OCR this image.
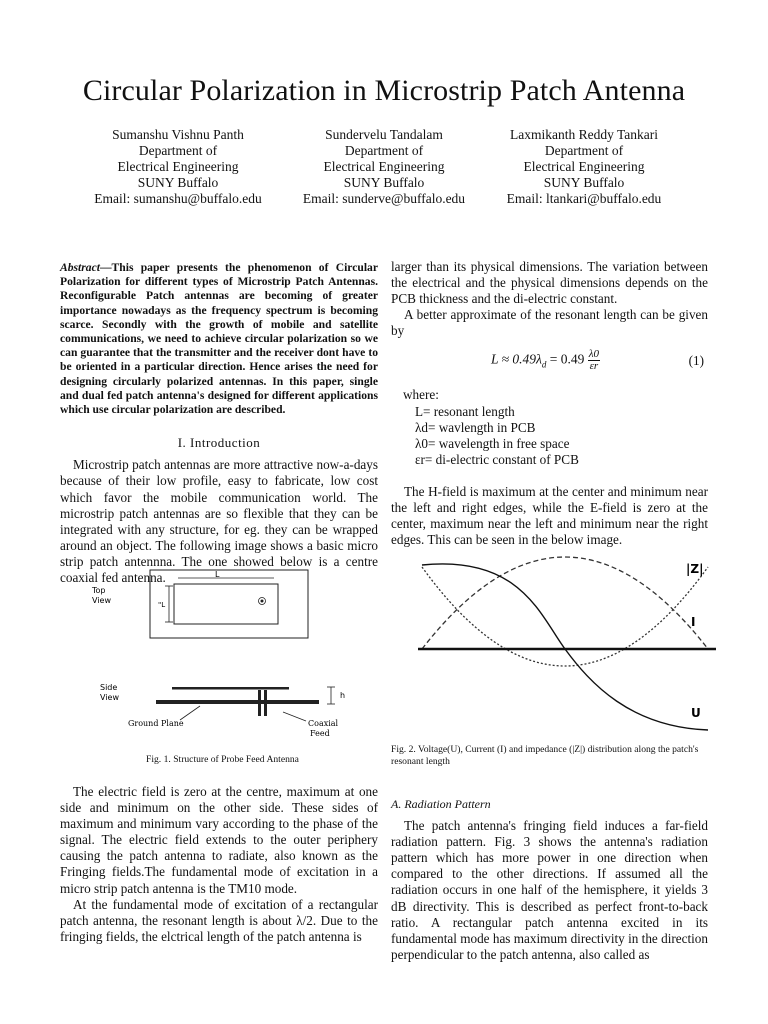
Circular Polarization in Microstrip Patch Antenna
Sumanshu Vishnu Panth
Department of
Electrical Engineering
SUNY Buffalo
Email: sumanshu@buffalo.edu
Sundervelu Tandalam
Department of
Electrical Engineering
SUNY Buffalo
Email: sunderve@buffalo.edu
Laxmikanth Reddy Tankari
Department of
Electrical Engineering
SUNY Buffalo
Email: ltankari@buffalo.edu
Abstract—This paper presents the phenomenon of Circular Polarization for different types of Microstrip Patch Antennas. Reconfigurable Patch antennas are becoming of greater importance nowadays as the frequency spectrum is becoming scarce. Secondly with the growth of mobile and satellite communications, we need to achieve circular polarization so we can guarantee that the transmitter and the receiver dont have to be oriented in a particular direction. Hence arises the need for designing circularly polarized antennas. In this paper, single and dual fed patch antenna's designed for different applications which use circular polarization are described.
I. Introduction

Microstrip patch antennas are more attractive now-a-days because of their low profile, easy to fabricate, low cost which favor the mobile communication world. The microstrip patch antennas are so flexible that they can be integrated with any structure, for eg. they can be wrapped around an object. The following image shows a basic micro strip patch antennna. The one showed below is a centre coaxial fed antenna.

Top
View
L
"L
Side
View	h
Ground Plane	Coaxial
Feed
Fig. 1. Structure of Probe Feed Antenna

The electric field is zero at the centre, maximum at one side and minimum on the other side. These sides of maximum and minimum vary according to the phase of the signal. The electric field extends to the outer periphery causing the patch antenna to radiate, also known as the Fringing fields.The fundamental mode of excitation in a micro strip patch antenna is the TM10 mode.

At the fundamental mode of excitation of a rectangular patch antenna, the resonant length is about λ/2. Due to the fringing fields, the elctrical length of the patch antenna is

larger than its physical dimensions. The variation between the electrical and the physical dimensions depends on the PCB thickness and the di-electric constant.

A better approximate of the resonant length can be given by

$L \approx 0.49\lambda_d = 0.49 \frac{\lambda 0}{\varepsilon r}$	(1)
where:
L= resonant length
λd= wavlength in PCB
λ0= wavelength in free space
εr= di-electric constant of PCB

The H-field is maximum at the center and minimum near the left and right edges, while the E-field is zero at the center, maximum near the left and minimum near the right edges. This can be seen in the below image.

|Z|
I
U
Fig. 2. Voltage(U), Current (I) and impedance (|Z|) distribution along the patch's resonant length
A. Radiation Pattern

The patch antenna's fringing field induces a far-field radiation pattern. Fig. 3 shows the antenna's radiation pattern which has more power in one direction when compared to the other directions. If assumed all the radiation occurs in one half of the hemisphere, it yields 3 dB directivity. This is described as perfect front-to-back ratio. A rectangular patch antenna excited in its fundamental mode has maximum directivity in the direction perpendicular to the patch antenna, also called as
